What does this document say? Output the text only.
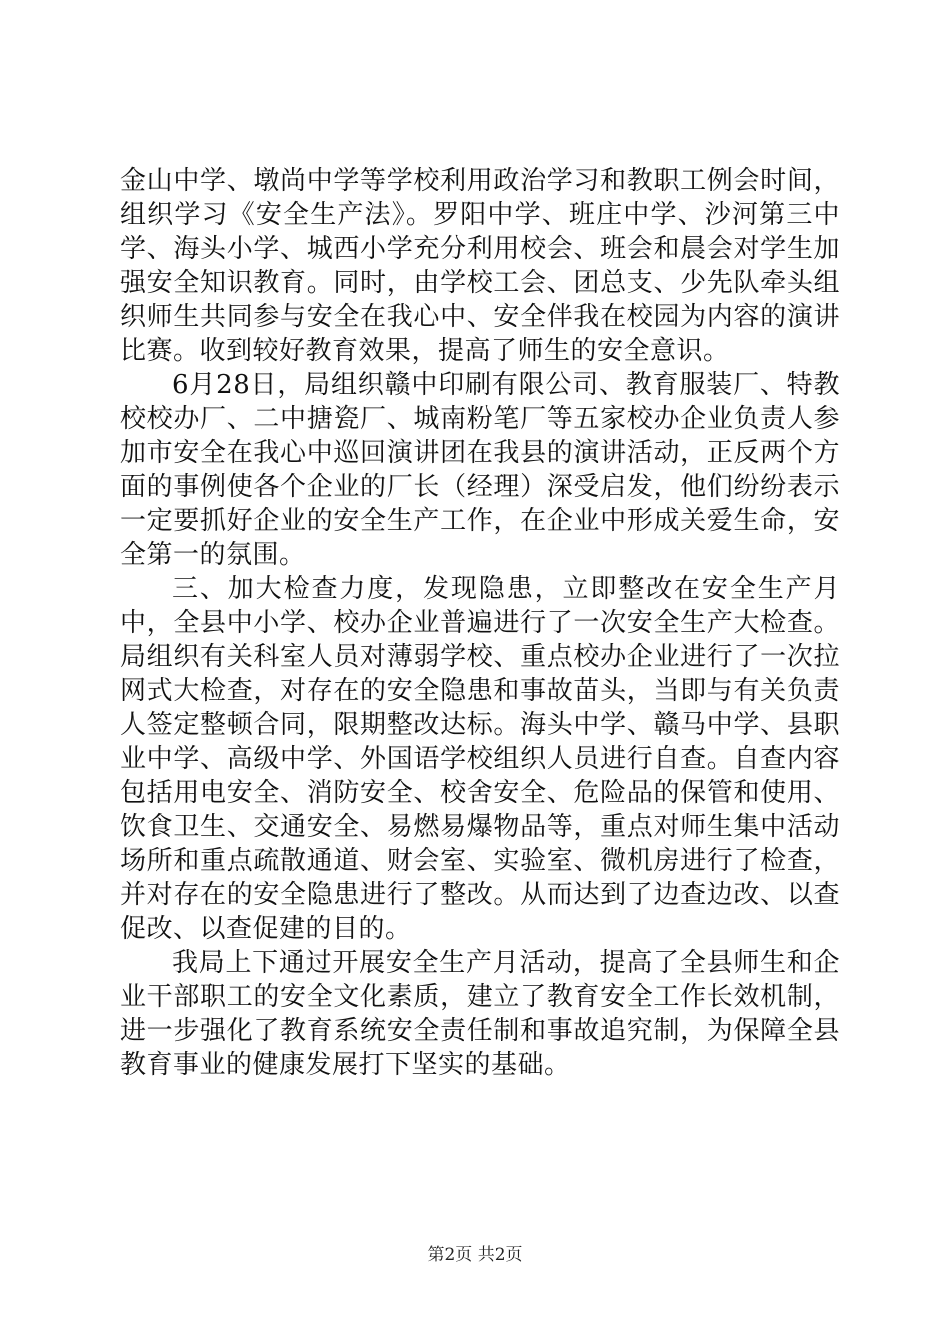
金山中学、墩尚中学等学校利用政治学习和教职工例会时间，组织学习《安全生产法》。罗阳中学、班庄中学、沙河第三中学、海头小学、城西小学充分利用校会、班会和晨会对学生加强安全知识教育。同时，由学校工会、团总支、少先队牵头组织师生共同参与安全在我心中、安全伴我在校园为内容的演讲比赛。收到较好教育效果，提高了师生的安全意识。

6月28日，局组织赣中印刷有限公司、教育服装厂、特教校校办厂、二中搪瓷厂、城南粉笔厂等五家校办企业负责人参加市安全在我心中巡回演讲团在我县的演讲活动，正反两个方面的事例使各个企业的厂长（经理）深受启发，他们纷纷表示一定要抓好企业的安全生产工作，在企业中形成关爱生命，安全第一的氛围。

三、加大检查力度，发现隐患，立即整改在安全生产月中，全县中小学、校办企业普遍进行了一次安全生产大检查。局组织有关科室人员对薄弱学校、重点校办企业进行了一次拉网式大检查，对存在的安全隐患和事故苗头，当即与有关负责人签定整顿合同，限期整改达标。海头中学、赣马中学、县职业中学、高级中学、外国语学校组织人员进行自查。自查内容包括用电安全、消防安全、校舍安全、危险品的保管和使用、饮食卫生、交通安全、易燃易爆物品等，重点对师生集中活动场所和重点疏散通道、财会室、实验室、微机房进行了检查，并对存在的安全隐患进行了整改。从而达到了边查边改、以查促改、以查促建的目的。

我局上下通过开展安全生产月活动，提高了全县师生和企业干部职工的安全文化素质，建立了教育安全工作长效机制，进一步强化了教育系统安全责任制和事故追究制，为保障全县教育事业的健康发展打下坚实的基础。

第2页 共2页
